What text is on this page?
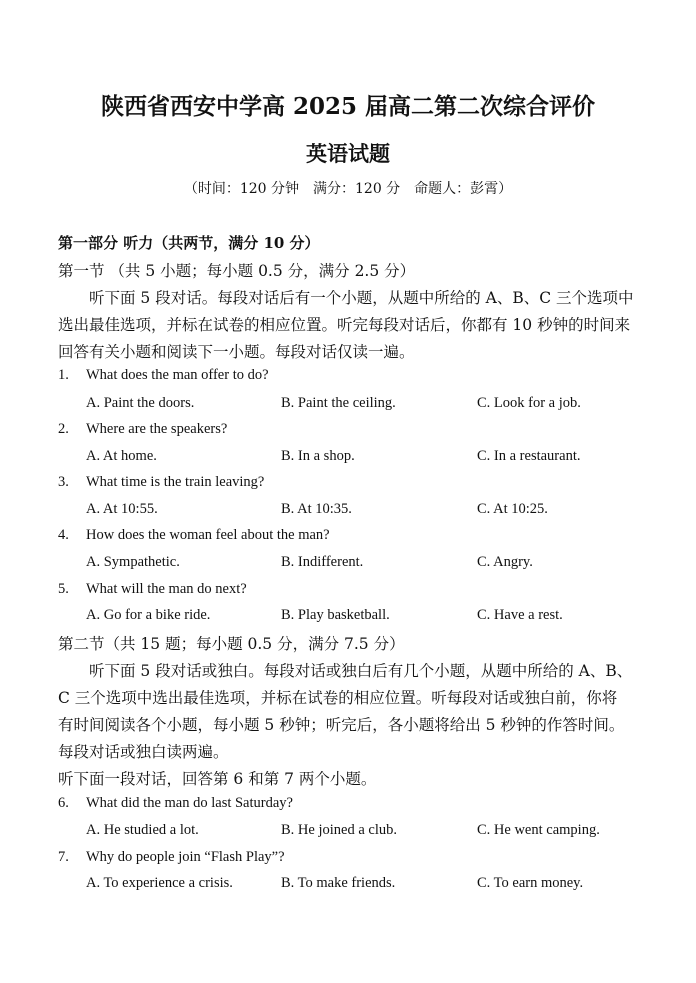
陕西省西安中学高 2025 届高二第二次综合评价
英语试题
（时间：120 分钟　满分：120 分　命题人：彭霄）
第一部分 听力（共两节，满分 10 分）
第一节 （共 5 小题；每小题 0.5 分，满分 2.5 分）
　　听下面 5 段对话。每段对话后有一个小题，从题中所给的 A、B、C 三个选项中
选出最佳选项，并标在试卷的相应位置。听完每段对话后，你都有 10 秒钟的时间来
回答有关小题和阅读下一小题。每段对话仅读一遍。
1. What does the man offer to do?
A. Paint the doors.	B. Paint the ceiling.	C. Look for a job.
2. Where are the speakers?
A. At home.	B. In a shop.	C. In a restaurant.
3. What time is the train leaving?
A. At 10:55.	B. At 10:35.	C. At 10:25.
4. How does the woman feel about the man?
A. Sympathetic.	B. Indifferent.	C. Angry.
5. What will the man do next?
A. Go for a bike ride.	B. Play basketball.	C. Have a rest.
第二节（共 15 题；每小题 0.5 分，满分 7.5 分）
　　听下面 5 段对话或独白。每段对话或独白后有几个小题，从题中所给的 A、B、
C 三个选项中选出最佳选项，并标在试卷的相应位置。听每段对话或独白前，你将
有时间阅读各个小题，每小题 5 秒钟；听完后，各小题将给出 5 秒钟的作答时间。
每段对话或独白读两遍。
听下面一段对话，回答第 6 和第 7 两个小题。
6. What did the man do last Saturday?
A. He studied a lot.	B. He joined a club.	C. He went camping.
7. Why do people join “Flash Play”?
A. To experience a crisis.	B. To make friends.	C. To earn money.
